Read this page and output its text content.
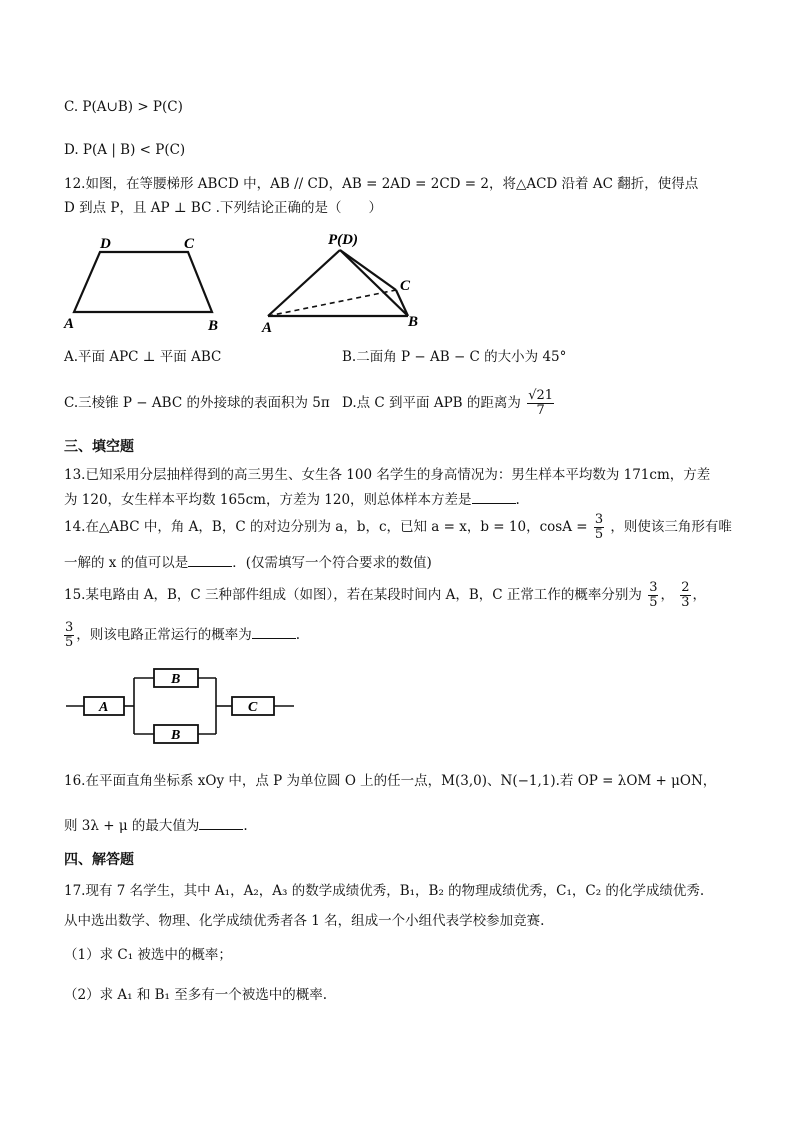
C. P(A∪B) > P(C)
D. P(A | B) < P(C)
12.如图，在等腰梯形 ABCD 中，AB // CD，AB = 2AD = 2CD = 2，将△ACD 沿着 AC 翻折，使得点
D 到点 P，且 AP ⊥ BC .下列结论正确的是（　　）
D	C
A	B
P(D)
C
A	B
A.平面 APC ⊥ 平面 ABC	B.二面角 P − AB − C 的大小为 45°
C.三棱锥 P − ABC 的外接球的表面积为 5π D.点 C 到平面 APB 的距离为 $\frac{√21}{7}$
三、填空题
13.已知采用分层抽样得到的高三男生、女生各 100 名学生的身高情况为：男生样本平均数为 171cm，方差
为 120，女生样本平均数 165cm，方差为 120，则总体样本方差是	.
14.在△ABC 中，角 A，B，C 的对边分别为 a，b，c，已知 a = x，b = 10，$\cos A = \frac{3}{5}$ ，则使该三角形有唯
一解的 x 的值可以是	．(仅需填写一个符合要求的数值)
15.某电路由 A，B，C 三种部件组成（如图），若在某段时间内 A，B，C 正常工作的概率分别为 $\frac{3}{5}$ ， $\frac{2}{3}$ ，
$\frac{3}{5}$ ，则该电路正常运行的概率为	.
A
B
B
C
16.在平面直角坐标系 xOy 中，点 P 为单位圆 O 上的任一点，M(3,0)、N(−1,1).若 OP = λOM + μON，
则 3λ + μ 的最大值为	.
四、解答题
17.现有 7 名学生，其中 A₁，A₂，A₃ 的数学成绩优秀，B₁，B₂ 的物理成绩优秀，C₁，C₂ 的化学成绩优秀.
从中选出数学、物理、化学成绩优秀者各 1 名，组成一个小组代表学校参加竞赛.
（1）求 C₁ 被选中的概率；
（2）求 A₁ 和 B₁ 至多有一个被选中的概率.
